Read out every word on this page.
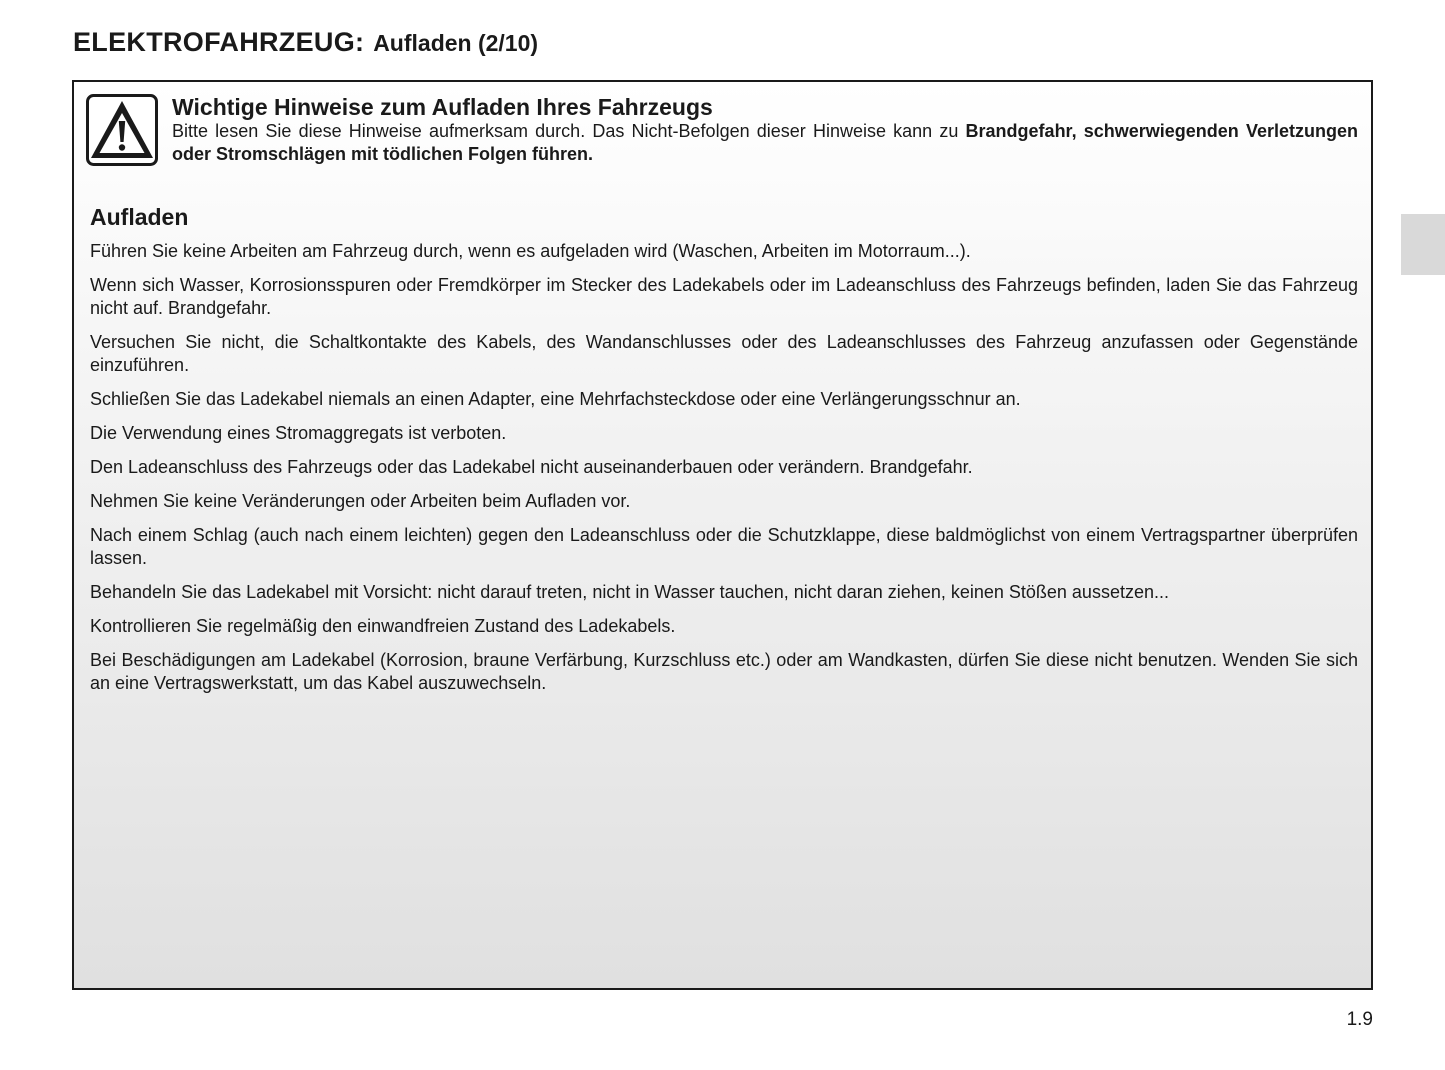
ELEKTROFAHRZEUG: Aufladen (2/10)
Wichtige Hinweise zum Aufladen Ihres Fahrzeugs

Bitte lesen Sie diese Hinweise aufmerksam durch. Das Nicht-Befolgen dieser Hinweise kann zu Brandgefahr, schwerwiegenden Verletzungen oder Stromschlägen mit tödlichen Folgen führen.

Aufladen
Führen Sie keine Arbeiten am Fahrzeug durch, wenn es aufgeladen wird (Waschen, Arbeiten im Motorraum...).
Wenn sich Wasser, Korrosionsspuren oder Fremdkörper im Stecker des Ladekabels oder im Ladeanschluss des Fahrzeugs befinden, laden Sie das Fahrzeug nicht auf. Brandgefahr.
Versuchen Sie nicht, die Schaltkontakte des Kabels, des Wandanschlusses oder des Ladeanschlusses des Fahrzeug anzufassen oder Gegenstände einzuführen.
Schließen Sie das Ladekabel niemals an einen Adapter, eine Mehrfachsteckdose oder eine Verlängerungsschnur an.
Die Verwendung eines Stromaggregats ist verboten.
Den Ladeanschluss des Fahrzeugs oder das Ladekabel nicht auseinanderbauen oder verändern. Brandgefahr.
Nehmen Sie keine Veränderungen oder Arbeiten beim Aufladen vor.
Nach einem Schlag (auch nach einem leichten) gegen den Ladeanschluss oder die Schutzklappe, diese baldmöglichst von einem Vertragspartner überprüfen lassen.
Behandeln Sie das Ladekabel mit Vorsicht: nicht darauf treten, nicht in Wasser tauchen, nicht daran ziehen, keinen Stößen aussetzen...
Kontrollieren Sie regelmäßig den einwandfreien Zustand des Ladekabels.
Bei Beschädigungen am Ladekabel (Korrosion, braune Verfärbung, Kurzschluss etc.) oder am Wandkasten, dürfen Sie diese nicht benutzen. Wenden Sie sich an eine Vertragswerkstatt, um das Kabel auszuwechseln.
1.9
